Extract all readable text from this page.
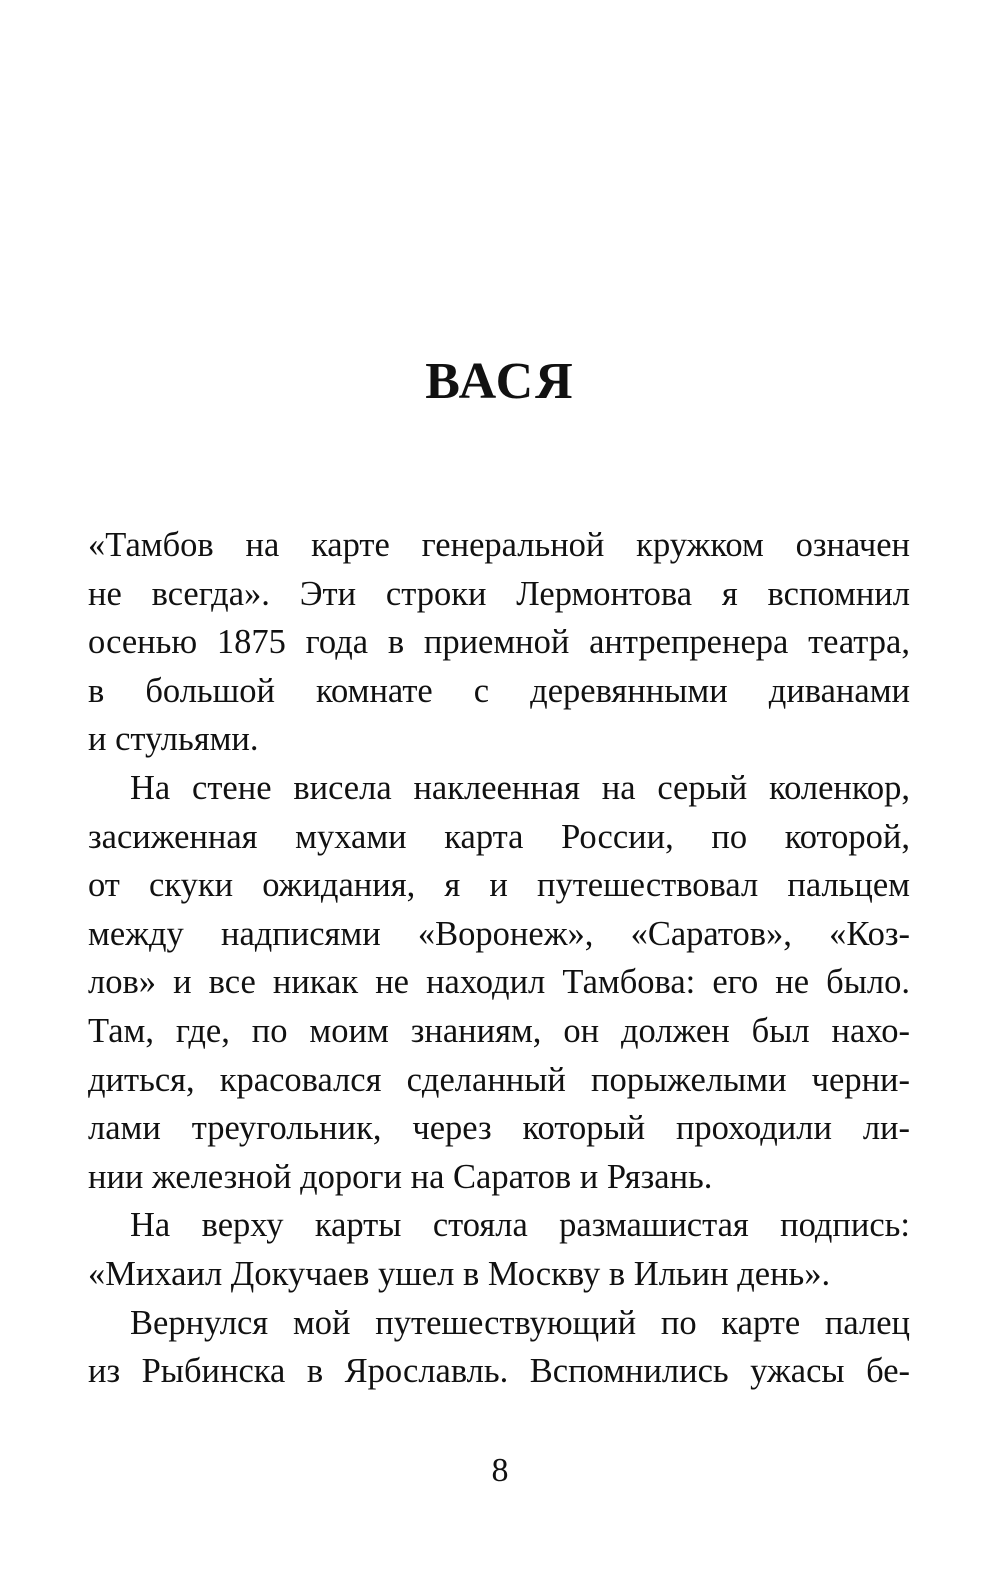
ВАСЯ
«Тамбов на карте генеральной кружком означен
не всегда». Эти строки Лермонтова я вспомнил
осенью 1875 года в приемной антрепренера театра,
в большой комнате с деревянными диванами
и стульями.
На стене висела наклеенная на серый коленкор,
засиженная мухами карта России, по которой,
от скуки ожидания, я и путешествовал пальцем
между надписями «Воронеж», «Саратов», «Коз-
лов» и все никак не находил Тамбова: его не было.
Там, где, по моим знаниям, он должен был нахо-
диться, красовался сделанный порыжелыми черни-
лами треугольник, через который проходили ли-
нии железной дороги на Саратов и Рязань.
На верху карты стояла размашистая подпись:
«Михаил Докучаев ушел в Москву в Ильин день».
Вернулся мой путешествующий по карте палец
из Рыбинска в Ярославль. Вспомнились ужасы бе-
8
